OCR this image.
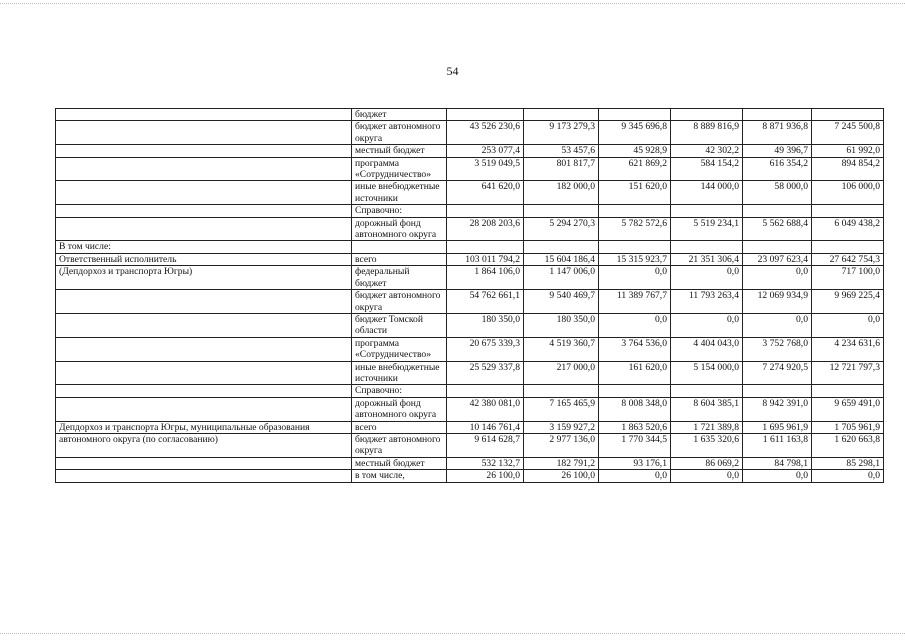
54
	бюджет						
	бюджет автономного округа	43 526 230,6	9 173 279,3	9 345 696,8	8 889 816,9	8 871 936,8	7 245 500,8
	местный бюджет	253 077,4	53 457,6	45 928,9	42 302,2	49 396,7	61 992,0
	программа «Сотрудничество»	3 519 049,5	801 817,7	621 869,2	584 154,2	616 354,2	894 854,2
	иные внебюджетные источники	641 620,0	182 000,0	151 620,0	144 000,0	58 000,0	106 000,0
	Справочно:						
	дорожный фонд автономного округа	28 208 203,6	5 294 270,3	5 782 572,6	5 519 234,1	5 562 688,4	6 049 438,2
В том числе:							
Ответственный исполнитель	всего	103 011 794,2	15 604 186,4	15 315 923,7	21 351 306,4	23 097 623,4	27 642 754,3
(Депдорхоз и транспорта Югры)	федеральный бюджет	1 864 106,0	1 147 006,0	0,0	0,0	0,0	717 100,0
	бюджет автономного округа	54 762 661,1	9 540 469,7	11 389 767,7	11 793 263,4	12 069 934,9	9 969 225,4
	бюджет Томской области	180 350,0	180 350,0	0,0	0,0	0,0	0,0
	программа «Сотрудничество»	20 675 339,3	4 519 360,7	3 764 536,0	4 404 043,0	3 752 768,0	4 234 631,6
	иные внебюджетные источники	25 529 337,8	217 000,0	161 620,0	5 154 000,0	7 274 920,5	12 721 797,3
	Справочно:						
	дорожный фонд автономного округа	42 380 081,0	7 165 465,9	8 008 348,0	8 604 385,1	8 942 391,0	9 659 491,0
Депдорхоз и транспорта Югры, муниципальные образования	всего	10 146 761,4	3 159 927,2	1 863 520,6	1 721 389,8	1 695 961,9	1 705 961,9
автономного округа (по согласованию)	бюджет автономного округа	9 614 628,7	2 977 136,0	1 770 344,5	1 635 320,6	1 611 163,8	1 620 663,8
	местный бюджет	532 132,7	182 791,2	93 176,1	86 069,2	84 798,1	85 298,1
	в том числе,	26 100,0	26 100,0	0,0	0,0	0,0	0,0
